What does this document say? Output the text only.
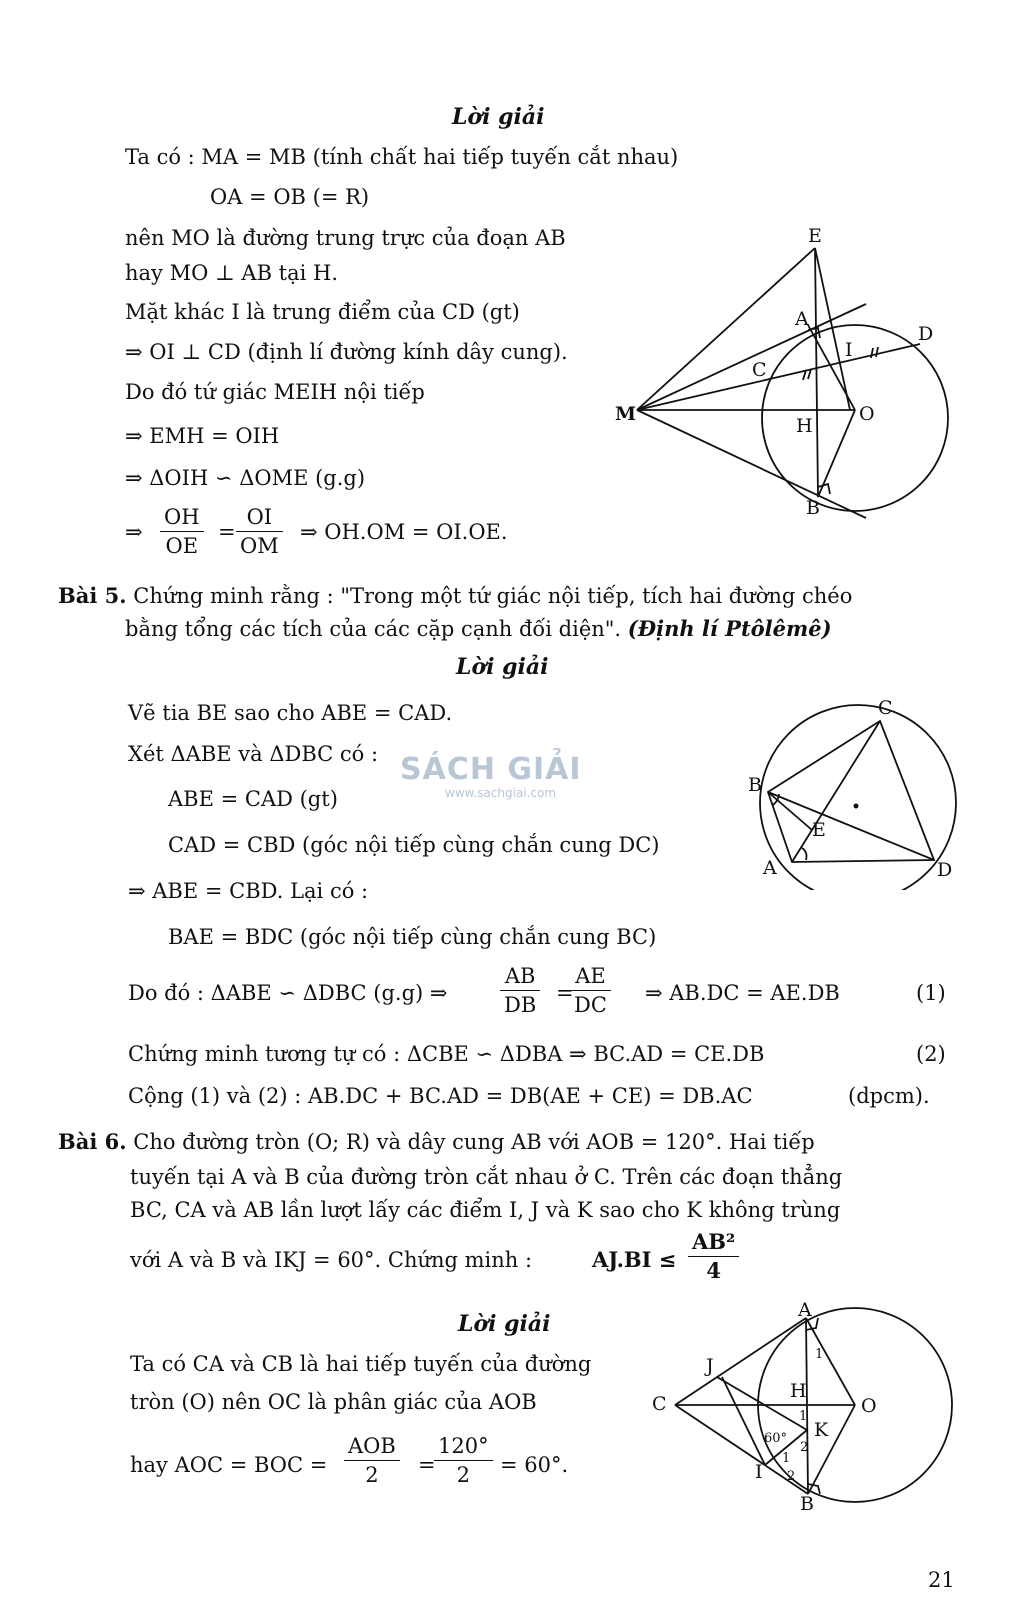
Lời giải
Ta có : MA = MB (tính chất hai tiếp tuyến cắt nhau)
OA = OB (= R)
nên MO là đường trung trực của đoạn AB
hay MO ⊥ AB tại H.
Mặt khác I là trung điểm của CD (gt)
⇒ OI ⊥ CD (định lí đường kính dây cung).
Do đó tứ giác MEIH nội tiếp
⇒ EMH = OIH
⇒ ΔOIH ∽ ΔOME (g.g)
⇒ $\frac{OH}{OE} = \frac{OI}{OM}$ ⇒ OH.OM = OI.OE.
E
A
D
C
I
M
H
O
B
Bài 5. Chứng minh rằng : "Trong một tứ giác nội tiếp, tích hai đường chéo
bằng tổng các tích của các cặp cạnh đối diện". (Định lí Ptôlêmê)
Lời giải
Vẽ tia BE sao cho ABE = CAD.
Xét ΔABE và ΔDBC có :
ABE = CAD (gt)
CAD = CBD (góc nội tiếp cùng chắn cung DC)
⇒ ABE = CBD. Lại có :
BAE = BDC (góc nội tiếp cùng chắn cung BC)
Do đó : ΔABE ∽ ΔDBC (g.g) ⇒	$\frac{AB}{DB}$ =
$\frac{AE}{DC}$ ⇒ AB.DC = AE.DB	(1)
Chứng minh tương tự có : ΔCBE ∽ ΔDBA ⇒ BC.AD = CE.DB	(2)
Cộng (1) và (2) : AB.DC + BC.AD = DB(AE + CE) = DB.AC	(dpcm).
C
B
E
A	D
SÁCH GIẢI
www.sachgiai.com
Bài 6. Cho đường tròn (O; R) và dây cung AB với AOB = 120°. Hai tiếp
tuyến tại A và B của đường tròn cắt nhau ở C. Trên các đoạn thẳng
BC, CA và AB lần lượt lấy các điểm I, J và K sao cho K không trùng
với A và B và IKJ = 60°. Chứng minh :	$AJ.BI \le \frac{\text{AB²}}{4}$
Lời giải
Ta có CA và CB là hai tiếp tuyến của đường
tròn (O) nên OC là phân giác của AOB
hay AOC = BOC =
AOB
2	=
$\frac{120^\circ}{2} = 60^\circ$.
A
J
C
H
O
60° K
I
B
1
1
2
1
2
21
